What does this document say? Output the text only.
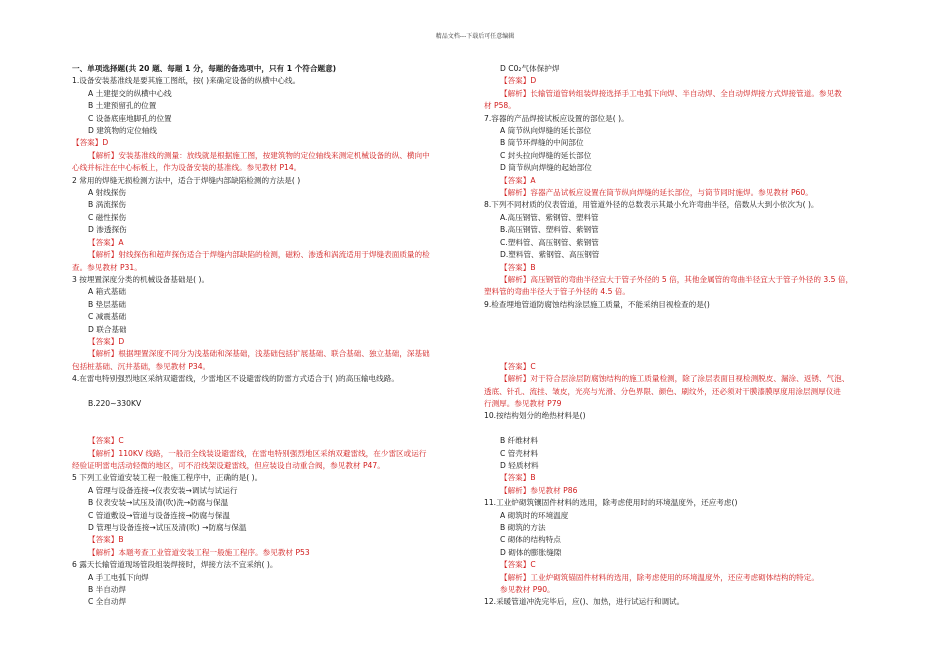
精品文档---下载后可任意编辑
一、单项选择题(共 20 题、每题 1 分，每题的备选项中，只有 1 个符合题意)
1.设备安装基准线是要其施工图纸，按( )来确定设备的纵横中心线。
A 土建提交的纵横中心线
B 土建预留孔的位置
C 设备底座地脚孔的位置
D 建筑物的定位轴线
【答案】D
【解析】安装基准线的测量：放线就是根据施工图，按建筑物的定位轴线来测定机械设备的纵、横向中
心线并标注在中心标板上，作为设备安装的基准线。参见教材 P14。
2 常用的焊缝无损检测方法中，适合于焊缝内部缺陷检测的方法是( )
A 射线探伤
B 涡流探伤
C 磁性探伤
D 渗透探伤
【答案】A
【解析】射线探伤和超声探伤适合于焊缝内部缺陷的检测，磁粉、渗透和涡流适用于焊缝表面质量的检
查。参见教材 P31。
3 按埋置深度分类的机械设备基础是( )。
A 箱式基础
B 垫层基础
C 减震基础
D 联合基础
【答案】D
【解析】根据埋置深度不同分为浅基础和深基础，浅基础包括扩展基础、联合基础、独立基础，深基础
包括桩基础、沉井基础，参见教材 P34。
4.在雷电特别强烈地区采纳双避雷线，少雷地区不设避雷线的防雷方式适合于( )的高压输电线路。
B.220~330KV
【答案】C
【解析】110KV 线路，一般沿全线装设避雷线，在雷电特别强烈地区采纳双避雷线，在少雷区或运行
经验证明雷电活动轻微的地区，可不沿线架设避雷线，但应装设自动重合阀，参见教材 P47。
5 下列工业管道安装工程一般施工程序中，正确的是( )。
A 管理与设备连接→仪表安装→调试与试运行
B 仪表安装→试压及清(吹)洗→防腐与保温
C 管道敷设→管道与设备连接→防腐与保温
D 管理与设备连接→试压及清(吹) →防腐与保温
【答案】B
【解析】本题考查工业管道安装工程一般施工程序。参见教材 P53
6 露天长输管道现场管段组装焊接时，焊接方法不宜采纳( )。
A 手工电弧下向焊
B 半自动焊
C 全自动焊
D C0₂气体保护焊
【答案】D
【解析】长输管道管转组装焊接选择手工电弧下向焊、半自动焊、全自动焊焊接方式焊接管道。参见教
材 P58。
7.容器的产品焊接试板应设置的部位是( )。
A 筒节纵向焊缝的延长部位
B 筒节环焊缝的中间部位
C 封头拉向焊缝的延长部位
D 筒节纵向焊缝的起始部位
【答案】A
【解析】容器产品试板应设置在筒节纵向焊缝的延长部位，与筒节同时施焊。参见教材 P60。
8.下列不同材质的仪表管道，用管道外径的总数表示其最小允许弯曲半径，倍数从大到小依次为( )。
A.高压钢管、紫钢管、塑料管
B.高压钢管、塑料管、紫钢管
C.塑料管、高压钢管、紫钢管
D.塑料管、紫钢管、高压钢管
【答案】B
【解析】高压钢管的弯曲半径宜大于管子外径的 5 倍，其他金属管的弯曲半径宜大于管子外径的 3.5 倍，
塑料管的弯曲半径大于管子外径的 4.5 倍。
9.检查埋地管道防腐蚀结构涂层施工质量，不能采纳目视检查的是()
【答案】C
【解析】对于符合层涂层防腐蚀结构的施工质量检测，除了涂层表面目视检测脱皮、漏涂、返锈、气泡、
透底、针孔、流挂、皱皮，光亮与光滑、分色界限、颜色、刷纹外，还必须对干膜漆膜厚度用涂层测厚仪进
行测厚。参见教材 P79
10.按结构划分的绝热材料是()
B 纤维材料
C 管壳材料
D 轻质材料
【答案】B
【解析】参见教材 P86
11.工业炉砌筑镶固件材料的选用，除考虑使用时的环境温度外，还应考虑()
A 砌筑时的环境温度
B 砌筑的方法
C 砌体的结构特点
D 砌体的膨胀缝隙
【答案】C
【解析】工业炉砌筑锚固件材料的选用，除考虑使用的环境温度外，还应考虑砌体结构的特定。
参见教材 P90。
12.采暖管道冲洗完毕后，应()、加热，进行试运行和调试。
